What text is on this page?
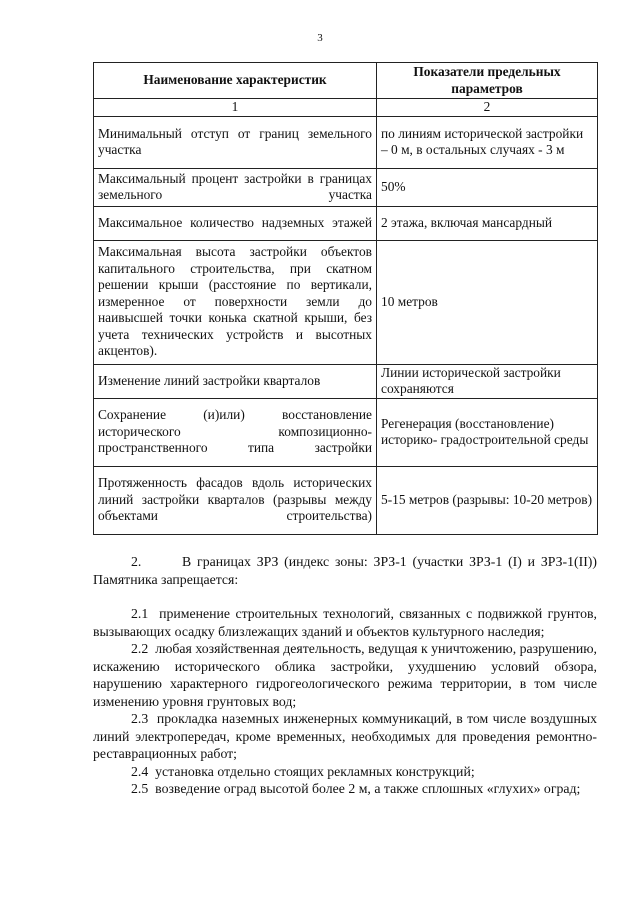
3
Наименование характеристик	Показатели предельных параметров
1	2
Минимальный отступ от границ земельного участка	по линиям исторической застройки – 0 м, в остальных случаях - 3 м
Максимальный процент застройки в границах земельного участка	50%
Максимальное количество надземных этажей	2 этажа, включая мансардный
Максимальная высота застройки объектов капитального строительства, при скатном решении крыши (расстояние по вертикали, измеренное от поверхности земли до наивысшей точки конька скатной крыши, без учета технических устройств и высотных акцентов).	10 метров
Изменение линий застройки кварталов	Линии исторической застройки сохраняются
Сохранение (и)или) восстановление исторического композиционно-пространственного типа застройки	Регенерация (восстановление) историко- градостроительной среды
Протяженность фасадов вдоль исторических линий застройки кварталов (разрывы между объектами строительства)	5-15 метров (разрывы: 10-20 метров)

2.	В границах ЗРЗ (индекс зоны: ЗРЗ-1 (участки ЗРЗ-1 (I) и ЗРЗ-1(II)) Памятника запрещается:

2.1 применение строительных технологий, связанных с подвижкой грунтов, вызывающих осадку близлежащих зданий и объектов культурного наследия;

2.2 любая хозяйственная деятельность, ведущая к уничтожению, разрушению, искажению исторического облика застройки, ухудшению условий обзора, нарушению характерного гидрогеологического режима территории, в том числе изменению уровня грунтовых вод;

2.3 прокладка наземных инженерных коммуникаций, в том числе воздушных линий электропередач, кроме временных, необходимых для проведения ремонтно-реставрационных работ;

2.4 установка отдельно стоящих рекламных конструкций;

2.5 возведение оград высотой более 2 м, а также сплошных «глухих» оград;
